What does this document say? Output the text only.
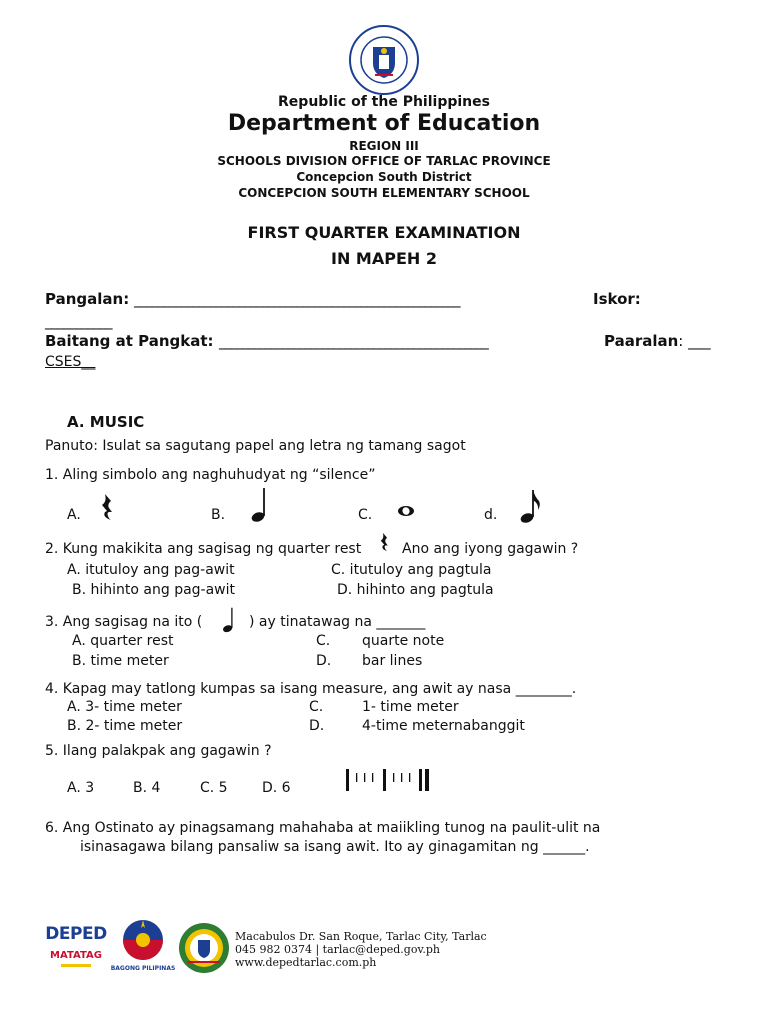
Republic of the Philippines
Department of Education
REGION III
SCHOOLS DIVISION OFFICE OF TARLAC PROVINCE
Concepcion South District
CONCEPCION SOUTH ELEMENTARY SCHOOL
FIRST QUARTER EXAMINATION
IN MAPEH 2
Pangalan: ________________________________________________________	Iskor:
___________
Baitang at Pangkat: _______________________________________________	Paaralan: ___
CSES__
A. MUSIC
Panuto: Isulat sa sagutang papel ang letra ng tamang sagot
1. Aling simbolo ang naghuhudyat ng “silence”
A.	B.	C.	d.
2. Kung makikita ang sagisag ng quarter rest	Ano ang iyong gagawin ?
A. itutuloy ang pag-awit	C. itutuloy ang pagtula
B. hihinto ang pag-awit	D. hihinto ang pagtula
3. Ang sagisag na ito (	) ay tinatawag na _______
A. quarter rest	C. quarte note
B. time meter	D. bar lines
4. Kapag may tatlong kumpas sa isang measure, ang awit ay nasa ________.
A. 3- time meter	C.	1- time meter
B. 2- time meter	D.	4-time meternabanggit
5. Ilang palakpak ang gagawin ?
A. 3	B. 4	C. 5 D. 6
6. Ang Ostinato ay pinagsamang mahahaba at maiikling tunog na paulit-ulit na
isinasagawa bilang pansaliw sa isang awit. Ito ay ginagamitan ng ______.
DEPED
MATATAG
BAGONG PILIPINAS
Macabulos Dr. San Roque, Tarlac City, Tarlac
045 982 0374 | tarlac@deped.gov.ph
www.depedtarlac.com.ph
